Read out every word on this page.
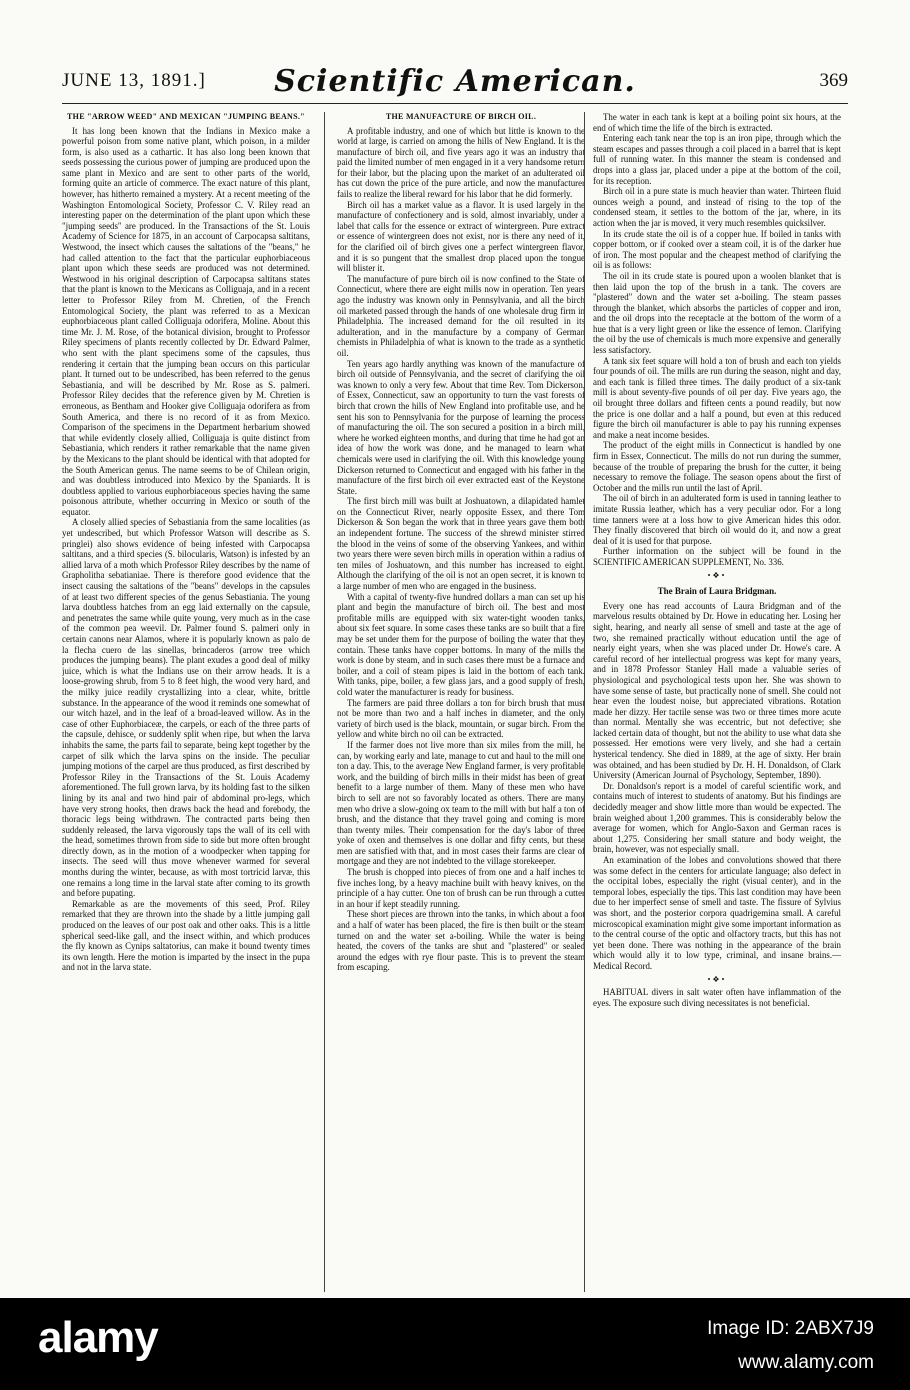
JUNE 13, 1891.]	Scientific American.	369
THE "ARROW WEED" AND MEXICAN "JUMPING BEANS."

It has long been known that the Indians in Mexico make a powerful poison from some native plant, which poison, in a milder form, is also used as a cathartic. It has also long been known that seeds possessing the curious power of jumping are produced upon the same plant in Mexico and are sent to other parts of the world, forming quite an article of commerce. The exact nature of this plant, however, has hitherto remained a mystery. At a recent meeting of the Washington Entomological Society, Professor C. V. Riley read an interesting paper on the determination of the plant upon which these "jumping seeds" are produced. In the Transactions of the St. Louis Academy of Science for 1875, in an account of Carpocapsa saltitans, Westwood, the insect which causes the saltations of the "beans," he had called attention to the fact that the particular euphorbiaceous plant upon which these seeds are produced was not determined. Westwood in his original description of Carpocapsa saltitans states that the plant is known to the Mexicans as Colliguaja, and in a recent letter to Professor Riley from M. Chretien, of the French Entomological Society, the plant was referred to as a Mexican euphorbiaceous plant called Colliguaja odorifera, Moline. About this time Mr. J. M. Rose, of the botanical division, brought to Professor Riley specimens of plants recently collected by Dr. Edward Palmer, who sent with the plant specimens some of the capsules, thus rendering it certain that the jumping bean occurs on this particular plant. It turned out to be undescribed, has been referred to the genus Sebastiania, and will be described by Mr. Rose as S. palmeri. Professor Riley decides that the reference given by M. Chretien is erroneous, as Bentham and Hooker give Colliguaja odorifera as from South America, and there is no record of it as from Mexico. Comparison of the specimens in the Department herbarium showed that while evidently closely allied, Colliguaja is quite distinct from Sebastiania, which renders it rather remarkable that the name given by the Mexicans to the plant should be identical with that adopted for the South American genus. The name seems to be of Chilean origin, and was doubtless introduced into Mexico by the Spaniards. It is doubtless applied to various euphorbiaceous species having the same poisonous attribute, whether occurring in Mexico or south of the equator.

A closely allied species of Sebastiania from the same localities (as yet undescribed, but which Professor Watson will describe as S. pringlei) also shows evidence of being infested with Carpocapsa saltitans, and a third species (S. bilocularis, Watson) is infested by an allied larva of a moth which Professor Riley describes by the name of Grapholitha sebatianiae. There is therefore good evidence that the insect causing the saltations of the "beans" develops in the capsules of at least two different species of the genus Sebastiania. The young larva doubtless hatches from an egg laid externally on the capsule, and penetrates the same while quite young, very much as in the case of the common pea weevil. Dr. Palmer found S. palmeri only in certain canons near Alamos, where it is popularly known as palo de la flecha cuero de las sinellas, brincaderos (arrow tree which produces the jumping beans). The plant exudes a good deal of milky juice, which is what the Indians use on their arrow heads. It is a loose-growing shrub, from 5 to 8 feet high, the wood very hard, and the milky juice readily crystallizing into a clear, white, brittle substance. In the appearance of the wood it reminds one somewhat of our witch hazel, and in the leaf of a broad-leaved willow. As in the case of other Euphorbiaceæ, the carpels, or each of the three parts of the capsule, dehisce, or suddenly split when ripe, but when the larva inhabits the same, the parts fail to separate, being kept together by the carpet of silk which the larva spins on the inside. The peculiar jumping motions of the carpel are thus produced, as first described by Professor Riley in the Transactions of the St. Louis Academy aforementioned. The full grown larva, by its holding fast to the silken lining by its anal and two hind pair of abdominal pro-legs, which have very strong hooks, then draws back the head and forebody, the thoracic legs being withdrawn. The contracted parts being then suddenly released, the larva vigorously taps the wall of its cell with the head, sometimes thrown from side to side but more often brought directly down, as in the motion of a woodpecker when tapping for insects. The seed will thus move whenever warmed for several months during the winter, because, as with most tortricid larvæ, this one remains a long time in the larval state after coming to its growth and before pupating.

Remarkable as are the movements of this seed, Prof. Riley remarked that they are thrown into the shade by a little jumping gall produced on the leaves of our post oak and other oaks. This is a little spherical seed-like gall, and the insect within, and which produces the fly known as Cynips saltatorius, can make it bound twenty times its own length. Here the motion is imparted by the insect in the pupa and not in the larva state.

THE MANUFACTURE OF BIRCH OIL.

A profitable industry, and one of which but little is known to the world at large, is carried on among the hills of New England. It is the manufacture of birch oil, and five years ago it was an industry that paid the limited number of men engaged in it a very handsome return for their labor, but the placing upon the market of an adulterated oil has cut down the price of the pure article, and now the manufacturer fails to realize the liberal reward for his labor that he did formerly.

Birch oil has a market value as a flavor. It is used largely in the manufacture of confectionery and is sold, almost invariably, under a label that calls for the essence or extract of wintergreen. Pure extract or essence of wintergreen does not exist, nor is there any need of it, for the clarified oil of birch gives one a perfect wintergreen flavor, and it is so pungent that the smallest drop placed upon the tongue will blister it.

The manufacture of pure birch oil is now confined to the State of Connecticut, where there are eight mills now in operation. Ten years ago the industry was known only in Pennsylvania, and all the birch oil marketed passed through the hands of one wholesale drug firm in Philadelphia. The increased demand for the oil resulted in its adulteration, and in the manufacture by a company of German chemists in Philadelphia of what is known to the trade as a synthetic oil.

Ten years ago hardly anything was known of the manufacture of birch oil outside of Pennsylvania, and the secret of clarifying the oil was known to only a very few. About that time Rev. Tom Dickerson, of Essex, Connecticut, saw an opportunity to turn the vast forests of birch that crown the hills of New England into profitable use, and he sent his son to Pennsylvania for the purpose of learning the process of manufacturing the oil. The son secured a position in a birch mill, where he worked eighteen months, and during that time he had got an idea of how the work was done, and he managed to learn what chemicals were used in clarifying the oil. With this knowledge young Dickerson returned to Connecticut and engaged with his father in the manufacture of the first birch oil ever extracted east of the Keystone State.

The first birch mill was built at Joshuatown, a dilapidated hamlet on the Connecticut River, nearly opposite Essex, and there Tom Dickerson & Son began the work that in three years gave them both an independent fortune. The success of the shrewd minister stirred the blood in the veins of some of the observing Yankees, and within two years there were seven birch mills in operation within a radius of ten miles of Joshuatown, and this number has increased to eight. Although the clarifying of the oil is not an open secret, it is known to a large number of men who are engaged in the business.

With a capital of twenty-five hundred dollars a man can set up his plant and begin the manufacture of birch oil. The best and most profitable mills are equipped with six water-tight wooden tanks, about six feet square. In some cases these tanks are so built that a fire may be set under them for the purpose of boiling the water that they contain. These tanks have copper bottoms. In many of the mills the work is done by steam, and in such cases there must be a furnace and boiler, and a coil of steam pipes is laid in the bottom of each tank. With tanks, pipe, boiler, a few glass jars, and a good supply of fresh, cold water the manufacturer is ready for business.

The farmers are paid three dollars a ton for birch brush that must not be more than two and a half inches in diameter, and the only variety of birch used is the black, mountain, or sugar birch. From the yellow and white birch no oil can be extracted.

If the farmer does not live more than six miles from the mill, he can, by working early and late, manage to cut and haul to the mill one ton a day. This, to the average New England farmer, is very profitable work, and the building of birch mills in their midst has been of great benefit to a large number of them. Many of these men who have birch to sell are not so favorably located as others. There are many men who drive a slow-going ox team to the mill with but half a ton of brush, and the distance that they travel going and coming is more than twenty miles. Their compensation for the day's labor of three yoke of oxen and themselves is one dollar and fifty cents, but these men are satisfied with that, and in most cases their farms are clear of mortgage and they are not indebted to the village storekeeper.

The brush is chopped into pieces of from one and a half inches to five inches long, by a heavy machine built with heavy knives, on the principle of a hay cutter. One ton of brush can be run through a cutter in an hour if kept steadily running.

These short pieces are thrown into the tanks, in which about a foot and a half of water has been placed, the fire is then built or the steam turned on and the water set a-boiling. While the water is being heated, the covers of the tanks are shut and "plastered" or sealed around the edges with rye flour paste. This is to prevent the steam from escaping.

The water in each tank is kept at a boiling point six hours, at the end of which time the life of the birch is extracted.

Entering each tank near the top is an iron pipe, through which the steam escapes and passes through a coil placed in a barrel that is kept full of running water. In this manner the steam is condensed and drops into a glass jar, placed under a pipe at the bottom of the coil, for its reception.

Birch oil in a pure state is much heavier than water. Thirteen fluid ounces weigh a pound, and instead of rising to the top of the condensed steam, it settles to the bottom of the jar, where, in its action when the jar is moved, it very much resembles quicksilver.

In its crude state the oil is of a copper hue. If boiled in tanks with copper bottom, or if cooked over a steam coil, it is of the darker hue of iron. The most popular and the cheapest method of clarifying the oil is as follows:

The oil in its crude state is poured upon a woolen blanket that is then laid upon the top of the brush in a tank. The covers are "plastered" down and the water set a-boiling. The steam passes through the blanket, which absorbs the particles of copper and iron, and the oil drops into the receptacle at the bottom of the worm of a hue that is a very light green or like the essence of lemon. Clarifying the oil by the use of chemicals is much more expensive and generally less satisfactory.

A tank six feet square will hold a ton of brush and each ton yields four pounds of oil. The mills are run during the season, night and day, and each tank is filled three times. The daily product of a six-tank mill is about seventy-five pounds of oil per day. Five years ago, the oil brought three dollars and fifteen cents a pound readily, but now the price is one dollar and a half a pound, but even at this reduced figure the birch oil manufacturer is able to pay his running expenses and make a neat income besides.

The product of the eight mills in Connecticut is handled by one firm in Essex, Connecticut. The mills do not run during the summer, because of the trouble of preparing the brush for the cutter, it being necessary to remove the foliage. The season opens about the first of October and the mills run until the last of April.

The oil of birch in an adulterated form is used in tanning leather to imitate Russia leather, which has a very peculiar odor. For a long time tanners were at a loss how to give American hides this odor. They finally discovered that birch oil would do it, and now a great deal of it is used for that purpose.

Further information on the subject will be found in the SCIENTIFIC AMERICAN SUPPLEMENT, No. 336.

•❖•
The Brain of Laura Bridgman.

Every one has read accounts of Laura Bridgman and of the marvelous results obtained by Dr. Howe in educating her. Losing her sight, hearing, and nearly all sense of smell and taste at the age of two, she remained practically without education until the age of nearly eight years, when she was placed under Dr. Howe's care. A careful record of her intellectual progress was kept for many years, and in 1878 Professor Stanley Hall made a valuable series of physiological and psychological tests upon her. She was shown to have some sense of taste, but practically none of smell. She could not hear even the loudest noise, but appreciated vibrations. Rotation made her dizzy. Her tactile sense was two or three times more acute than normal. Mentally she was eccentric, but not defective; she lacked certain data of thought, but not the ability to use what data she possessed. Her emotions were very lively, and she had a certain hysterical tendency. She died in 1889, at the age of sixty. Her brain was obtained, and has been studied by Dr. H. H. Donaldson, of Clark University (American Journal of Psychology, September, 1890).

Dr. Donaldson's report is a model of careful scientific work, and contains much of interest to students of anatomy. But his findings are decidedly meager and show little more than would be expected. The brain weighed about 1,200 grammes. This is considerably below the average for women, which for Anglo-Saxon and German races is about 1,275. Considering her small stature and body weight, the brain, however, was not especially small.

An examination of the lobes and convolutions showed that there was some defect in the centers for articulate language; also defect in the occipital lobes, especially the right (visual center), and in the temporal lobes, especially the tips. This last condition may have been due to her imperfect sense of smell and taste. The fissure of Sylvius was short, and the posterior corpora quadrigemina small. A careful microscopical examination might give some important information as to the central course of the optic and olfactory tracts, but this has not yet been done. There was nothing in the appearance of the brain which would ally it to low type, criminal, and insane brains.—Medical Record.

•❖•

HABITUAL divers in salt water often have inflammation of the eyes. The exposure such diving necessitates is not beneficial.

alamy	Image ID: 2ABX7J9
www.alamy.com
